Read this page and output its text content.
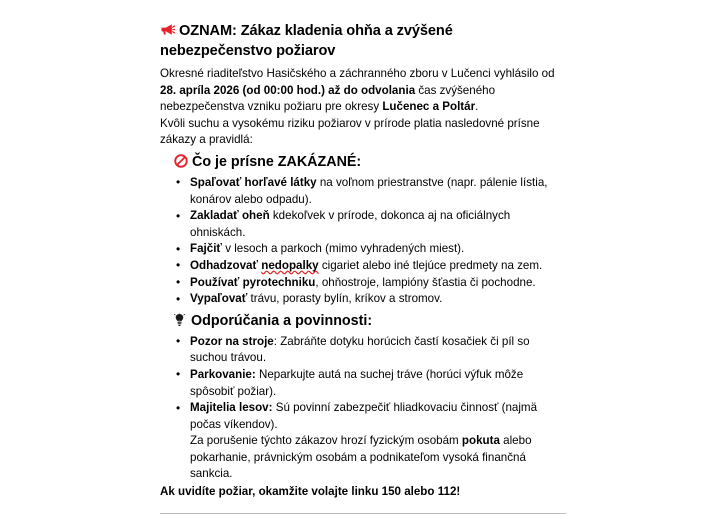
OZNAM: Zákaz kladenia ohňa a zvýšené nebezpečenstvo požiarov

Okresné riaditeľstvo Hasičského a záchranného zboru v Lučenci vyhlásilo od 28. apríla 2026 (od 00:00 hod.) až do odvolania čas zvýšeného nebezpečenstva vzniku požiaru pre okresy Lučenec a Poltár.

Kvôli suchu a vysokému riziku požiarov v prírode platia nasledovné prísne zákazy a pravidlá:

Čo je prísne ZAKÁZANÉ:
• Spaľovať horľavé látky na voľnom priestranstve (napr. pálenie lístia, konárov alebo odpadu).
• Zakladať oheň kdekoľvek v prírode, dokonca aj na oficiálnych ohniskách.
• Fajčiť v lesoch a parkoch (mimo vyhradených miest).
• Odhadzovať nedopalky cigariet alebo iné tlejúce predmety na zem.
• Používať pyrotechniku, ohňostroje, lampióny šťastia či pochodne.
• Vypaľovať trávu, porasty bylín, kríkov a stromov.
Odporúčania a povinnosti:
• Pozor na stroje: Zabráňte dotyku horúcich častí kosačiek či píl so suchou trávou.
• Parkovanie: Neparkujte autá na suchej tráve (horúci výfuk môže spôsobiť požiar).
• Majitelia lesov: Sú povinní zabezpečiť hliadkovaciu činnosť (najmä počas víkendov).
Za porušenie týchto zákazov hrozí fyzickým osobám pokuta alebo pokarhanie, právnickým osobám a podnikateľom vysoká finančná sankcia.

Ak uvidíte požiar, okamžite volajte linku 150 alebo 112!
